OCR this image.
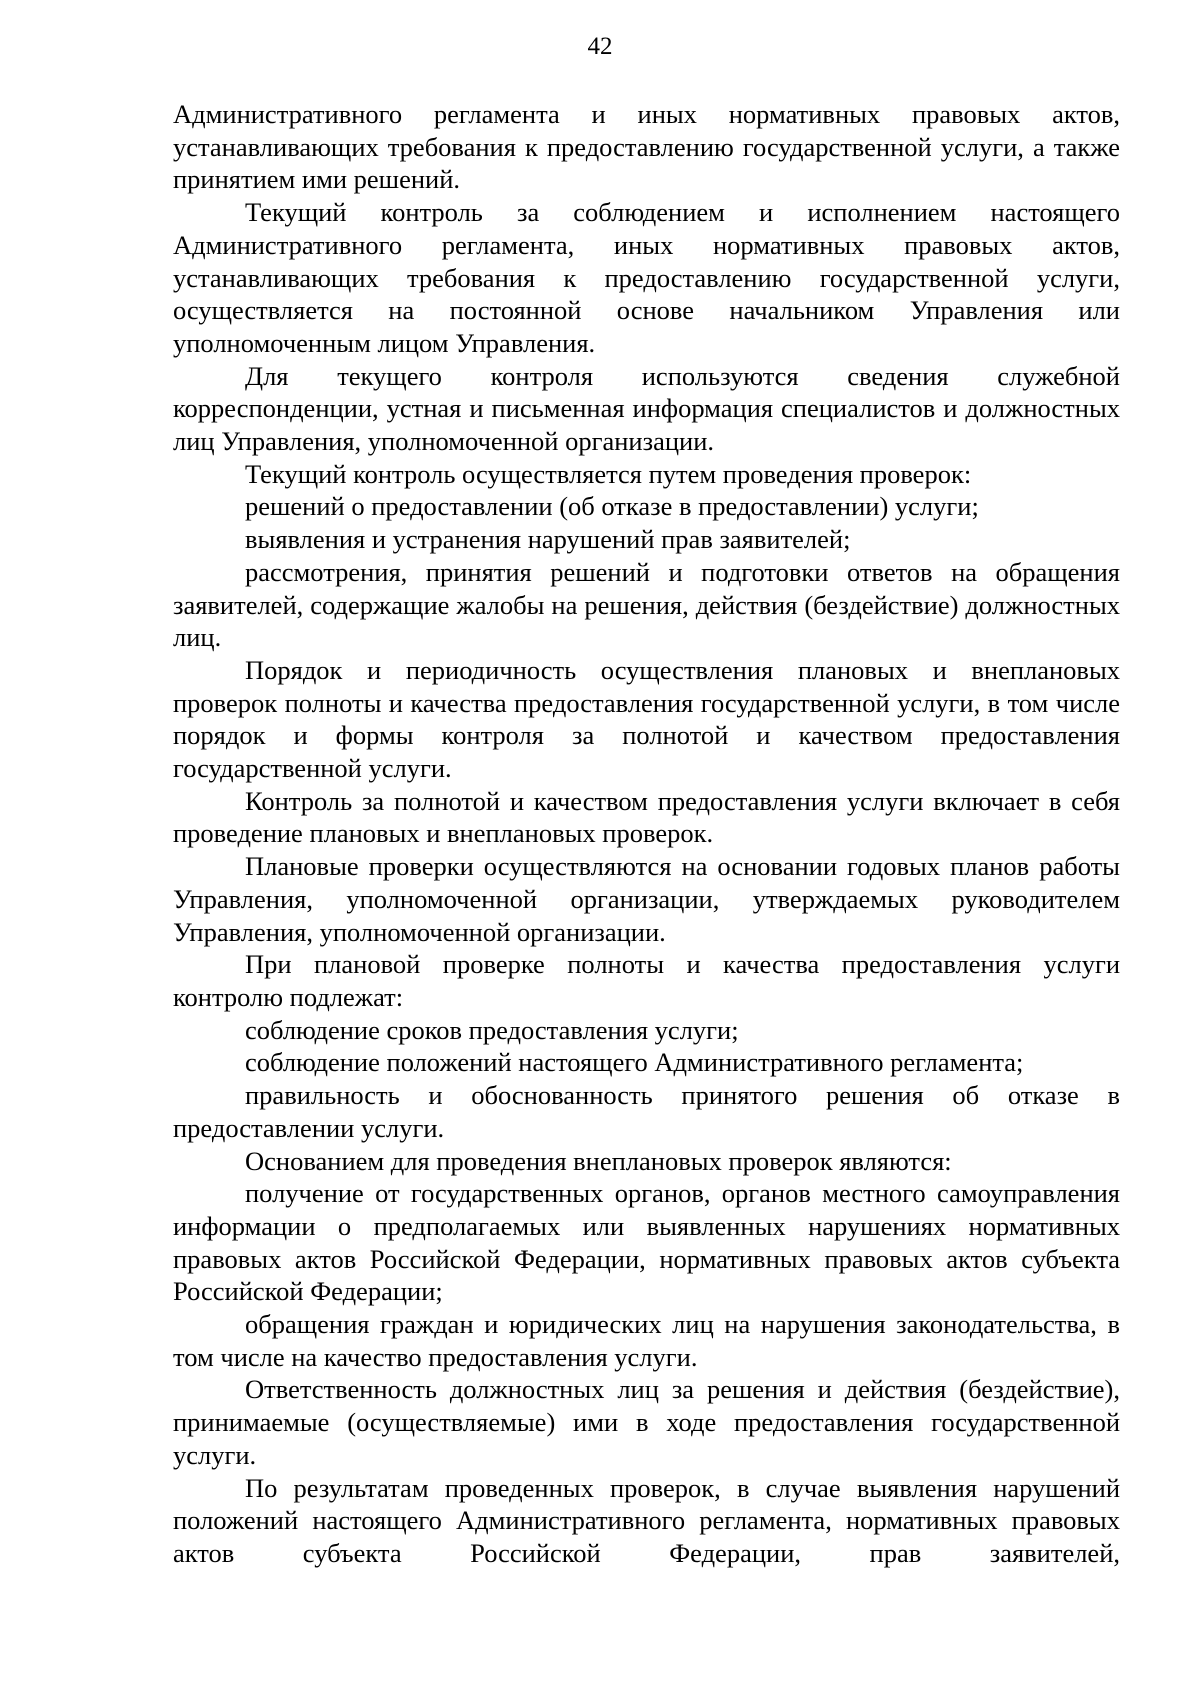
42

Административного регламента и иных нормативных правовых актов, устанавливающих требования к предоставлению государственной услуги, а также принятием ими решений.

Текущий контроль за соблюдением и исполнением настоящего Административного регламента, иных нормативных правовых актов, устанавливающих требования к предоставлению государственной услуги, осуществляется на постоянной основе начальником Управления или уполномоченным лицом Управления.

Для текущего контроля используются сведения служебной корреспонденции, устная и письменная информация специалистов и должностных лиц Управления, уполномоченной организации.

Текущий контроль осуществляется путем проведения проверок:

решений о предоставлении (об отказе в предоставлении) услуги;

выявления и устранения нарушений прав заявителей;

рассмотрения, принятия решений и подготовки ответов на обращения заявителей, содержащие жалобы на решения, действия (бездействие) должностных лиц.

Порядок и периодичность осуществления плановых и внеплановых проверок полноты и качества предоставления государственной услуги, в том числе порядок и формы контроля за полнотой и качеством предоставления государственной услуги.

Контроль за полнотой и качеством предоставления услуги включает в себя проведение плановых и внеплановых проверок.

Плановые проверки осуществляются на основании годовых планов работы Управления, уполномоченной организации, утверждаемых руководителем Управления, уполномоченной организации.

При плановой проверке полноты и качества предоставления услуги контролю подлежат:

соблюдение сроков предоставления услуги;

соблюдение положений настоящего Административного регламента;

правильность и обоснованность принятого решения об отказе в предоставлении услуги.

Основанием для проведения внеплановых проверок являются:

получение от государственных органов, органов местного самоуправления информации о предполагаемых или выявленных нарушениях нормативных правовых актов Российской Федерации, нормативных правовых актов субъекта Российской Федерации;

обращения граждан и юридических лиц на нарушения законодательства, в том числе на качество предоставления услуги.

Ответственность должностных лиц за решения и действия (бездействие), принимаемые (осуществляемые) ими в ходе предоставления государственной услуги.

По результатам проведенных проверок, в случае выявления нарушений положений настоящего Административного регламента, нормативных правовых актов субъекта Российской Федерации, прав заявителей,
